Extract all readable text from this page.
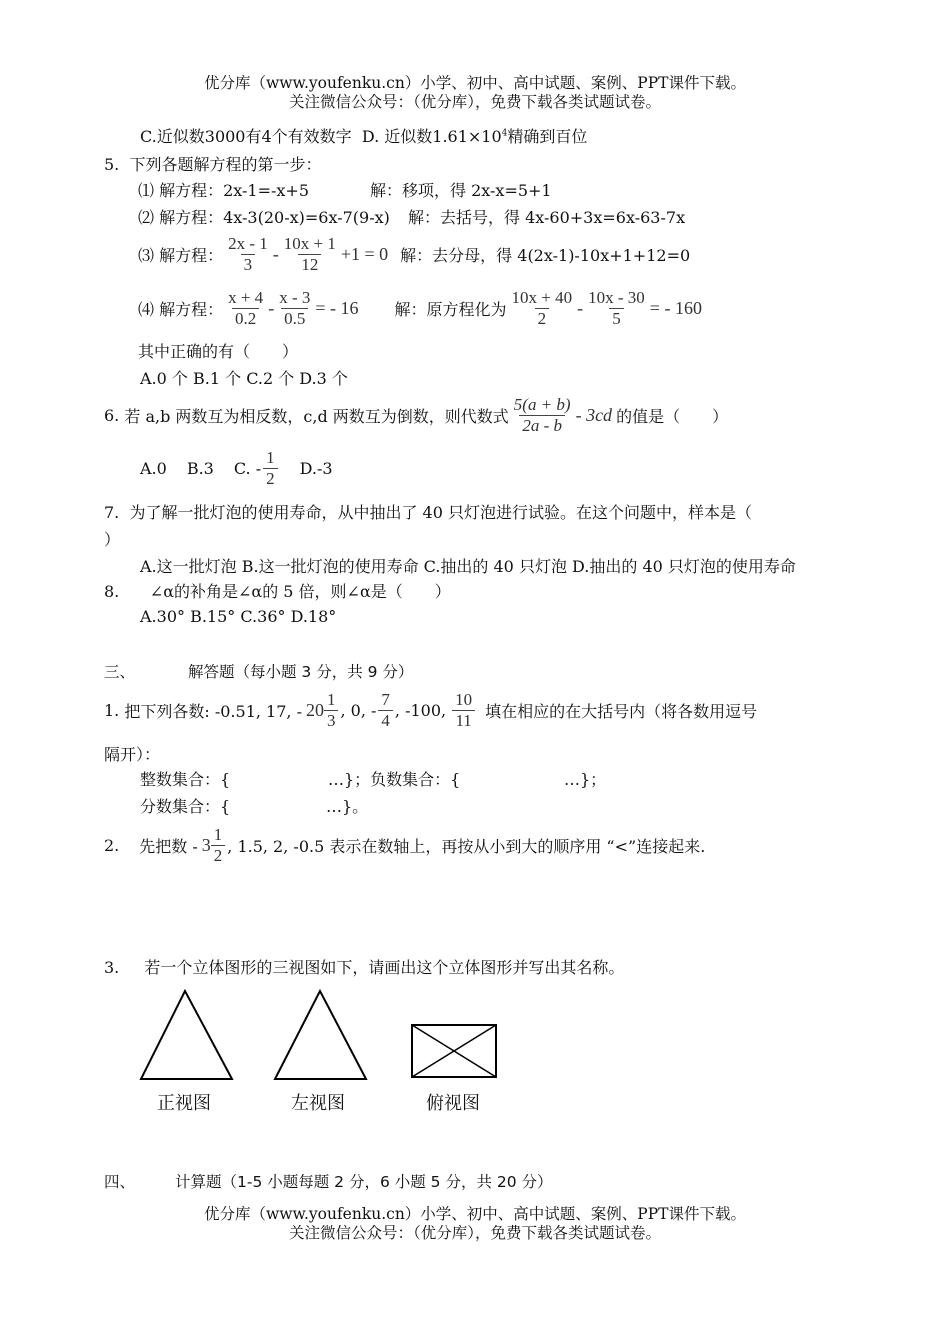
优分库（www.youfenku.cn）小学、初中、高中试题、案例、PPT课件下载。
关注微信公众号：（优分库），免费下载各类试题试卷。
C.近似数3000有4个有效数字 D. 近似数$1.61\times 10^4$精确到百位
5. 下列各题解方程的第一步：
⑴ 解方程：2x-1=-x+5	解：移项，得 2x-x=5+1
⑵ 解方程：4x-3(20-x)=6x-7(9-x) 解：去括号，得 4x-60+3x=6x-63-7x
⑶ 解方程： $\frac{2x - 1}{3} - \frac{10x + 1}{12} +1 = 0$ 解：去分母，得 4(2x-1)-10x+1+12=0
⑷ 解方程： $\frac{x + 4}{0.2} - \frac{x - 3}{0.5}$ = - 16 解：原方程化为 $\frac{10x + 40}{2} - \frac{10x - 30}{5}$ = - 160
其中正确的有（　　）
A.0 个 B.1 个 C.2 个 D.3 个
6.
若 a,b 两数互为相反数，c,d 两数互为倒数，则代数式 $\frac{5(a + b)}{2a - b} - 3cd$ 的值是（　　）
A.0 B.3 C. - $\frac{1}{2} D.-3$
7. 为了解一批灯泡的使用寿命，从中抽出了 40 只灯泡进行试验。在这个问题中，样本是（
）
A.这一批灯泡 B.这一批灯泡的使用寿命 C.抽出的 40 只灯泡 D.抽出的 40 只灯泡的使用寿命
8. ∠α的补角是∠α的 5 倍，则∠α是（　　）
A.30° B.15° C.36° D.18°
三、	解答题（每小题 3 分，共 9 分）
1.
把下列各数: -0.51, 17, - $20 \frac{1}{3}$ , 0, - $\frac{7}{4}$ , -100, $\frac{10}{11}$ 填在相应的在大括号内（将各数用逗号
隔开）：
整数集合：{	…}；负数集合：{	…}；
分数集合：{	…}。
2. 先把数 - $3 \frac{1}{2}$ , 1.5, 2, -0.5 表示在数轴上，再按从小到大的顺序用 “<”连接起来.
3. 若一个立体图形的三视图如下，请画出这个立体图形并写出其名称。
正视图	左视图	俯视图
四、	计算题（1-5 小题每题 2 分，6 小题 5 分，共 20 分）
优分库（www.youfenku.cn）小学、初中、高中试题、案例、PPT课件下载。
关注微信公众号：（优分库），免费下载各类试题试卷。
